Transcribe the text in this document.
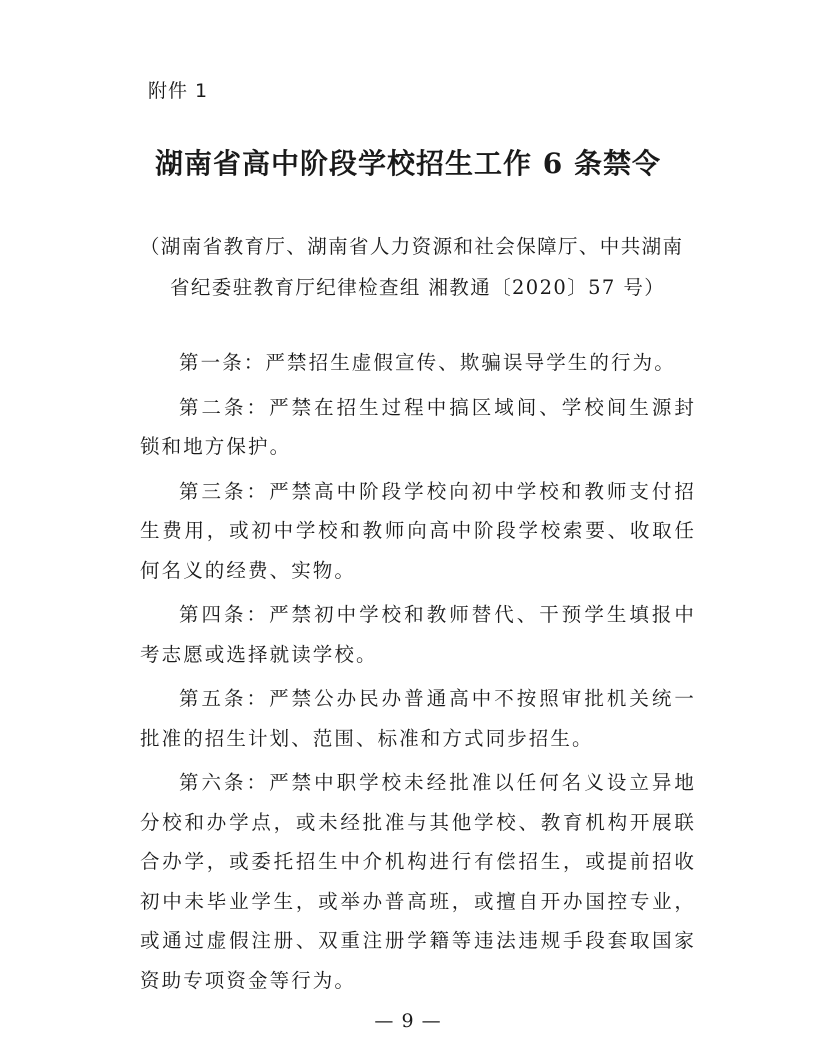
附件 1
湖南省高中阶段学校招生工作 6 条禁令
（湖南省教育厅、湖南省人力资源和社会保障厅、中共湖南
省纪委驻教育厅纪律检查组 湘教通〔2020〕57 号）

第一条：严禁招生虚假宣传、欺骗误导学生的行为。

第二条：严禁在招生过程中搞区域间、学校间生源封锁和地方保护。

第三条：严禁高中阶段学校向初中学校和教师支付招生费用，或初中学校和教师向高中阶段学校索要、收取任何名义的经费、实物。

第四条：严禁初中学校和教师替代、干预学生填报中考志愿或选择就读学校。

第五条：严禁公办民办普通高中不按照审批机关统一批准的招生计划、范围、标准和方式同步招生。

第六条：严禁中职学校未经批准以任何名义设立异地分校和办学点，或未经批准与其他学校、教育机构开展联合办学，或委托招生中介机构进行有偿招生，或提前招收初中未毕业学生，或举办普高班，或擅自开办国控专业，或通过虚假注册、双重注册学籍等违法违规手段套取国家资助专项资金等行为。

— 9 —
